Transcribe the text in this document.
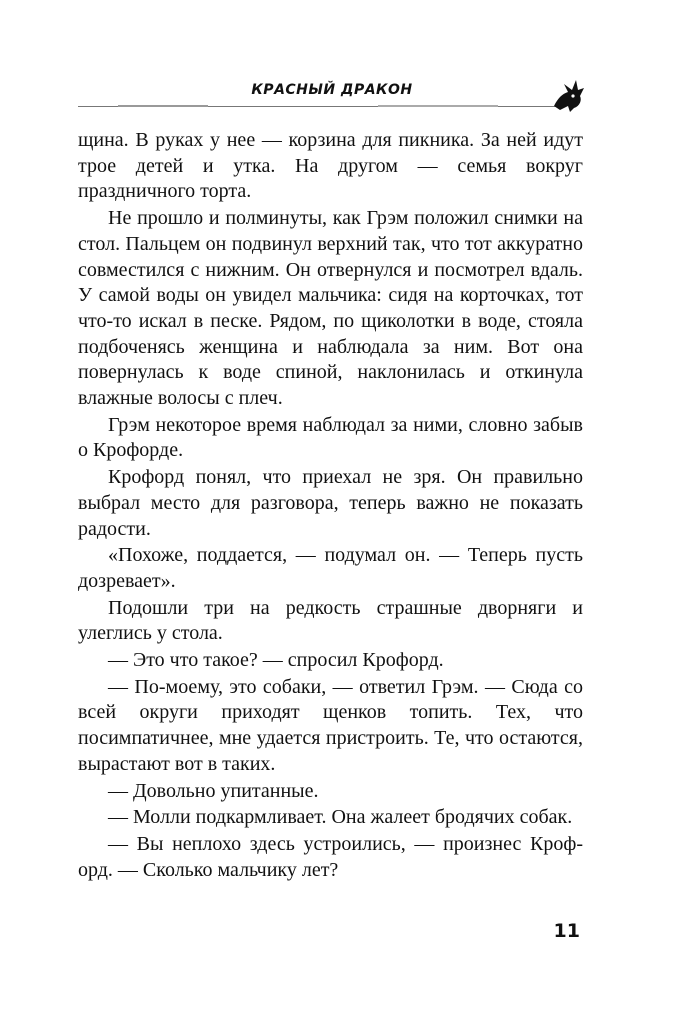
КРАСНЫЙ ДРАКОН

щина. В руках у нее — корзина для пикника. За ней идут трое детей и утка. На другом — семья вокруг праздничного торта.

Не прошло и полминуты, как Грэм положил снимки на стол. Пальцем он подвинул верхний так, что тот аккуратно совместился с нижним. Он отвернулся и посмотрел вдаль. У самой воды он увидел мальчика: сидя на корточках, тот что-то искал в песке. Рядом, по щиколотки в воде, стояла подбоченясь женщина и наблюдала за ним. Вот она повернулась к воде спиной, наклонилась и откинула влажные волосы с плеч.

Грэм некоторое время наблюдал за ними, словно забыв о Крофорде.

Крофорд понял, что приехал не зря. Он правильно выбрал место для разговора, теперь важно не показать радости.

«Похоже, поддается, — подумал он. — Теперь пусть дозревает».

Подошли три на редкость страшные дворняги и улеглись у стола.

— Это что такое? — спросил Крофорд.

— По-моему, это собаки, — ответил Грэм. — Сюда со всей округи приходят щенков топить. Тех, что посимпатичнее, мне удается пристроить. Те, что остаются, вырастают вот в таких.

— Довольно упитанные.

— Молли подкармливает. Она жалеет бродячих собак.

— Вы неплохо здесь устроились, — произнес Крофорд. — Сколько мальчику лет?

11
